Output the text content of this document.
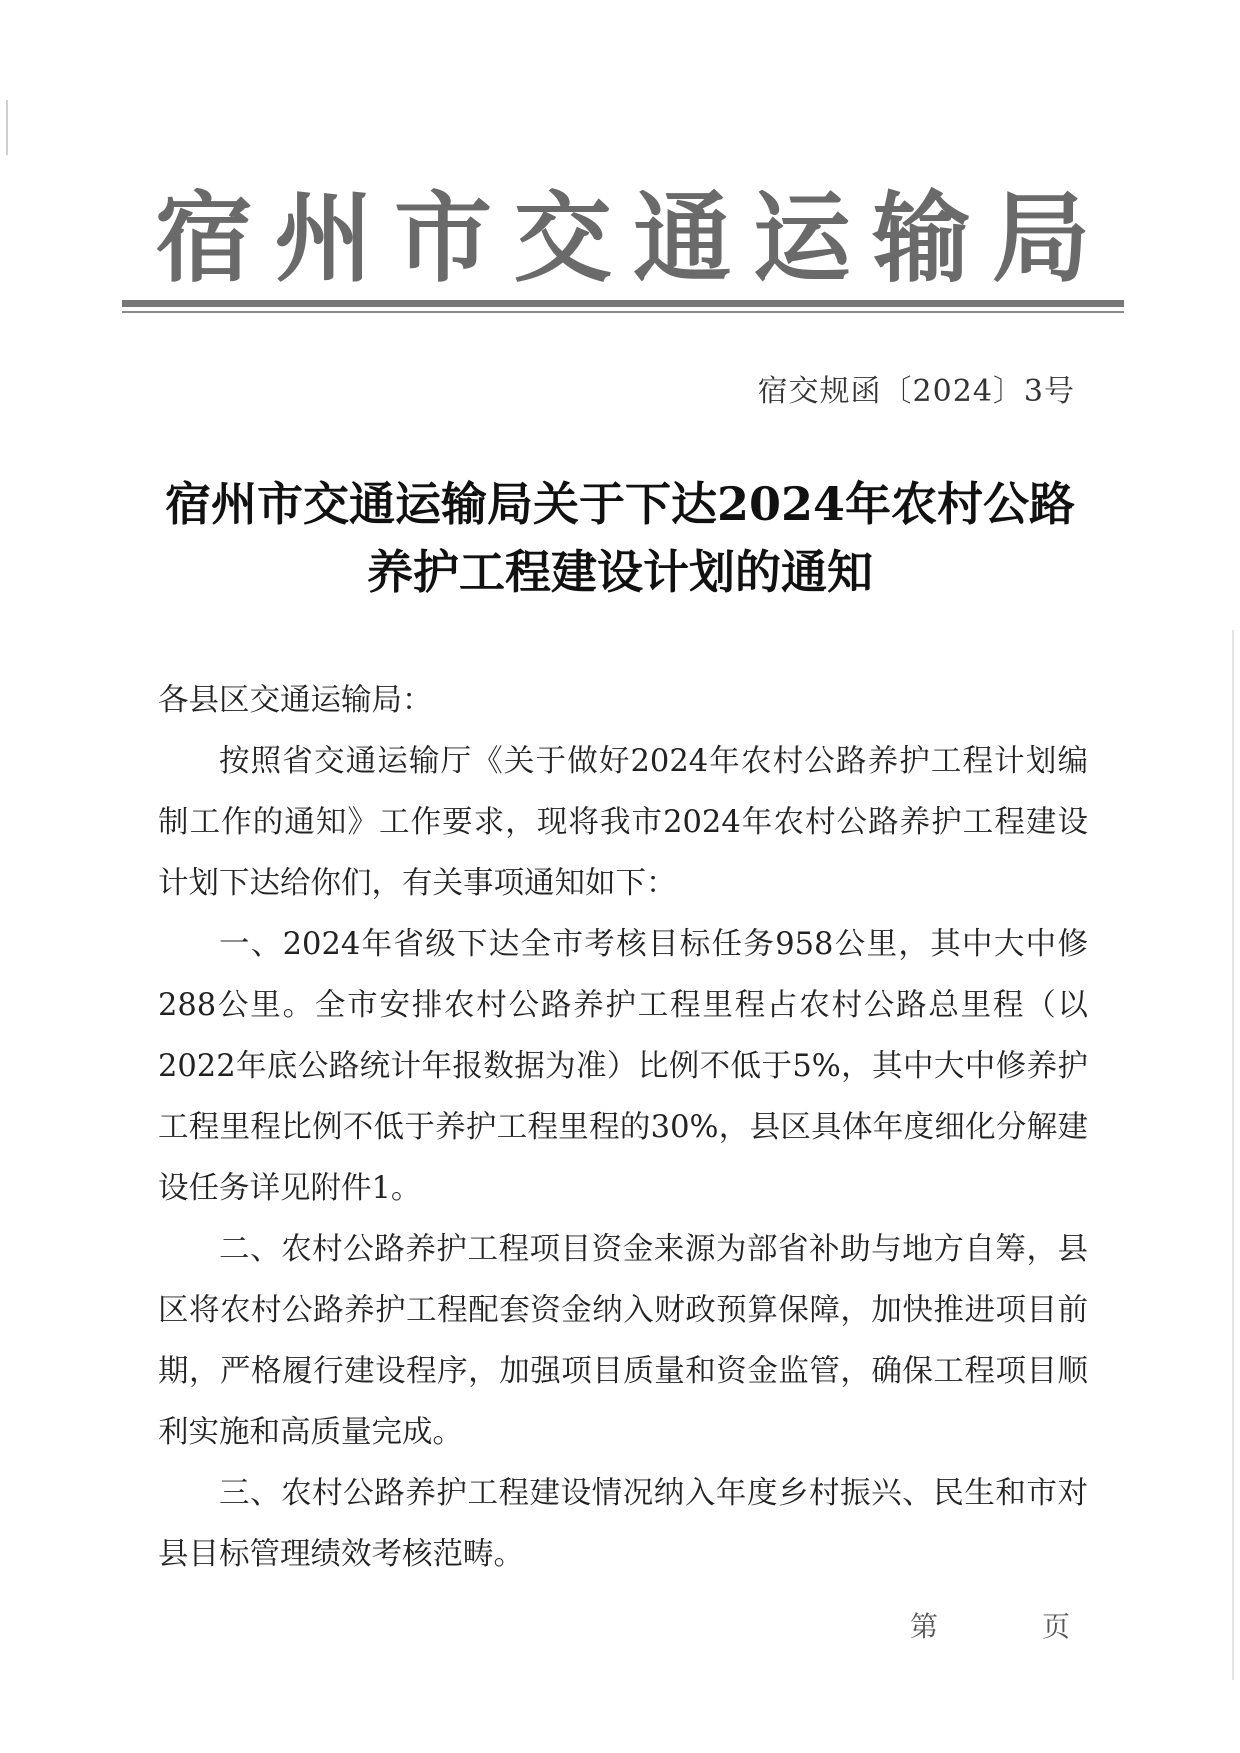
宿 州 市 交 通 运 输 局
宿交规函〔2024〕3号
宿州市交通运输局关于下达2024年农村公路
养护工程建设计划的通知

各县区交通运输局：

按照省交通运输厅《关于做好2024年农村公路养护工程计划编制工作的通知》工作要求，现将我市2024年农村公路养护工程建设计划下达给你们，有关事项通知如下：

一、2024年省级下达全市考核目标任务958公里，其中大中修288公里。全市安排农村公路养护工程里程占农村公路总里程（以2022年底公路统计年报数据为准）比例不低于5%，其中大中修养护工程里程比例不低于养护工程里程的30%，县区具体年度细化分解建设任务详见附件1。

二、农村公路养护工程项目资金来源为部省补助与地方自筹，县区将农村公路养护工程配套资金纳入财政预算保障，加快推进项目前期，严格履行建设程序，加强项目质量和资金监管，确保工程项目顺利实施和高质量完成。

三、农村公路养护工程建设情况纳入年度乡村振兴、民生和市对县目标管理绩效考核范畴。

第	页
